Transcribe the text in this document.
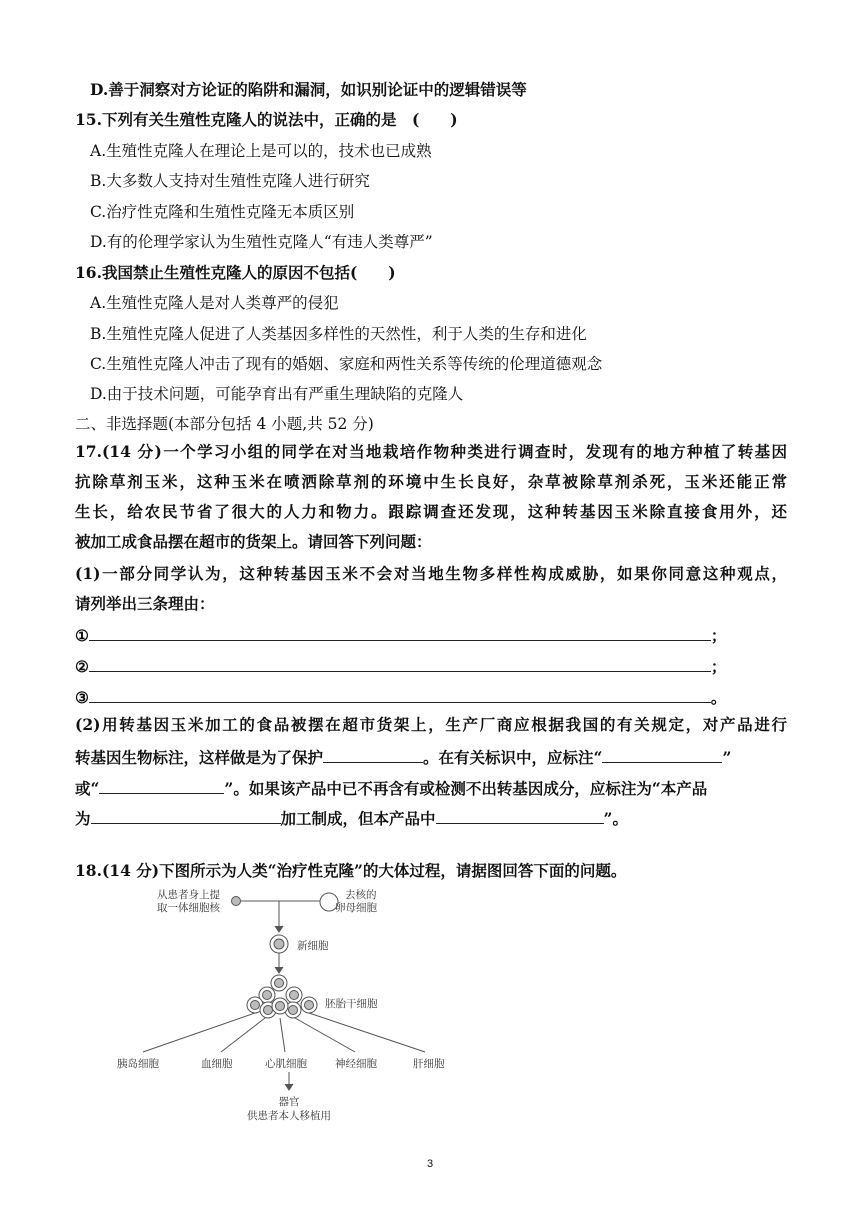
D.善于洞察对方论证的陷阱和漏洞，如识别论证中的逻辑错误等
15.下列有关生殖性克隆人的说法中，正确的是　(　　)
A.生殖性克隆人在理论上是可以的，技术也已成熟
B.大多数人支持对生殖性克隆人进行研究
C.治疗性克隆和生殖性克隆无本质区别
D.有的伦理学家认为生殖性克隆人“有违人类尊严”
16.我国禁止生殖性克隆人的原因不包括(　　)
A.生殖性克隆人是对人类尊严的侵犯
B.生殖性克隆人促进了人类基因多样性的天然性，利于人类的生存和进化
C.生殖性克隆人冲击了现有的婚姻、家庭和两性关系等传统的伦理道德观念
D.由于技术问题，可能孕育出有严重生理缺陷的克隆人
二、非选择题(本部分包括 4 小题,共 52 分)
17.(14 分)一个学习小组的同学在对当地栽培作物种类进行调查时，发现有的地方种植了转基因
抗除草剂玉米，这种玉米在喷洒除草剂的环境中生长良好，杂草被除草剂杀死，玉米还能正常
生长，给农民节省了很大的人力和物力。跟踪调查还发现，这种转基因玉米除直接食用外，还
被加工成食品摆在超市的货架上。请回答下列问题：
(1)一部分同学认为，这种转基因玉米不会对当地生物多样性构成威胁，如果你同意这种观点，
请列举出三条理由：
①	；
②	；
③	。
(2)用转基因玉米加工的食品被摆在超市货架上，生产厂商应根据我国的有关规定，对产品进行
转基因生物标注，这样做是为了保护	。在有关标识中，应标注“	”
或“	”。如果该产品中已不再含有或检测不出转基因成分，应标注为“本产品
为	加工制成，但本产品中	”。
18.(14 分)下图所示为人类“治疗性克隆”的大体过程，请据图回答下面的问题。
从患者身上提
取一体细胞核
去核的
卵母细胞
新细胞
胚胎干细胞
胰岛细胞	血细胞	心肌细胞	神经细胞	肝细胞
器官
供患者本人移植用
3
